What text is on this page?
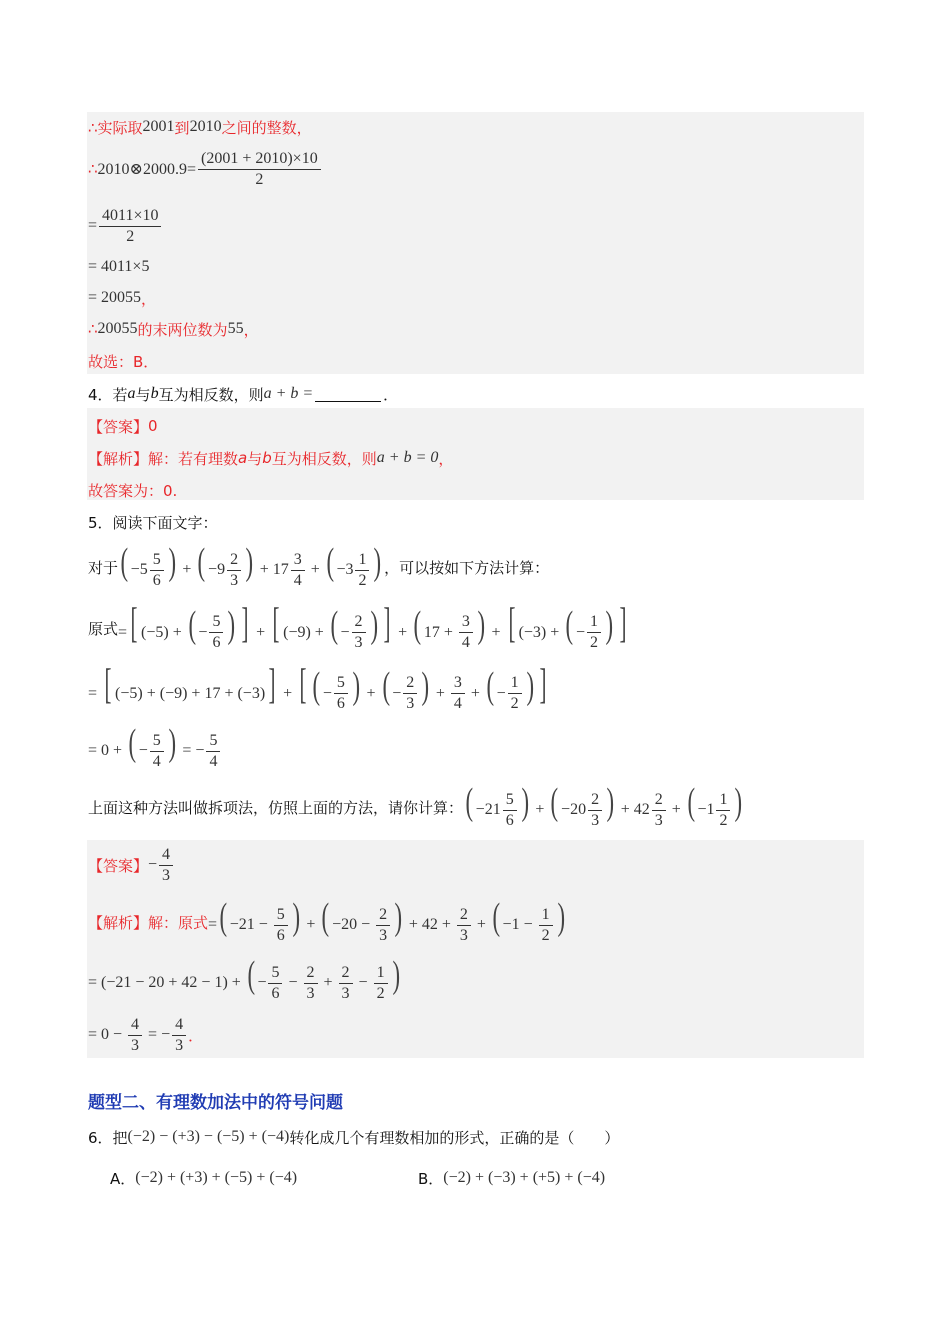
∴实际取 2001 到 2010 之间的整数，
∴ 2010⊗2000.9= $\frac{(2001 + 2010)\times 10}{2}$
= $\frac{4011\times 10}{2}$
= 4011×5
= 20055 ，
∴ 20055 的末两位数为 55 ，
故选：B．
4．若 a 与 b 互为相反数，则 a + b =	．
【答案】 0
【解析】 解：若有理数 a 与 b 互为相反数，则 a + b = 0 ，
故答案为：0.
5．阅读下面文字：
对于 ( $-5 \frac{5}{6}$ ) + ( $-9 \frac{2}{3}$ ) + $17 \frac{3}{4}$ + ( $-3 \frac{1}{2}$ ) ，可以按如下方法计算：
原式 =[ (−5) + ( − $\frac{5}{6}$ ) ] + [ (−9) + ( − $\frac{2}{3}$ ) ] + ( $17 + \frac{3}{4}$ ) + [ (−3) + ( − $\frac{1}{2}$ ) ]
= [ (−5) + (−9) + 17 + (−3)] + [ ( − $\frac{5}{6}$ ) + ( − $\frac{2}{3}$ ) + $\frac{3}{4}$ + ( − $\frac{1}{2}$ ) ]
= 0 + ( − $\frac{5}{4}$ ) = − $\frac{5}{4}$
上面这种方法叫做拆项法，仿照上面的方法，请你计算： ( $-21 \frac{5}{6}$ ) + ( $-20 \frac{2}{3}$ ) + $42 \frac{2}{3}$ + ( $-1 \frac{1}{2}$ )
【答案】 − $\frac{4}{3}$
【解析】 解：原式 =( $-21 - \frac{5}{6}$ ) + ( $-20 - \frac{2}{3}$ ) + $42 + \frac{2}{3}$ + ( $-1 - \frac{1}{2}$ )
= (−21 − 20 + 42 − 1) + ( − $\frac{5}{6} - \frac{2}{3} + \frac{2}{3} - \frac{1}{2}$ )
= $0 - \frac{4}{3}$ = − $\frac{4}{3}$ ．
题型二、有理数加法中的符号问题
6．把 (−2) − (+3) − (−5) + (−4) 转化成几个有理数相加的形式，正确的是（　　）
A． (−2) + (+3) + (−5) + (−4)	B． (−2) + (−3) + (+5) + (−4)
